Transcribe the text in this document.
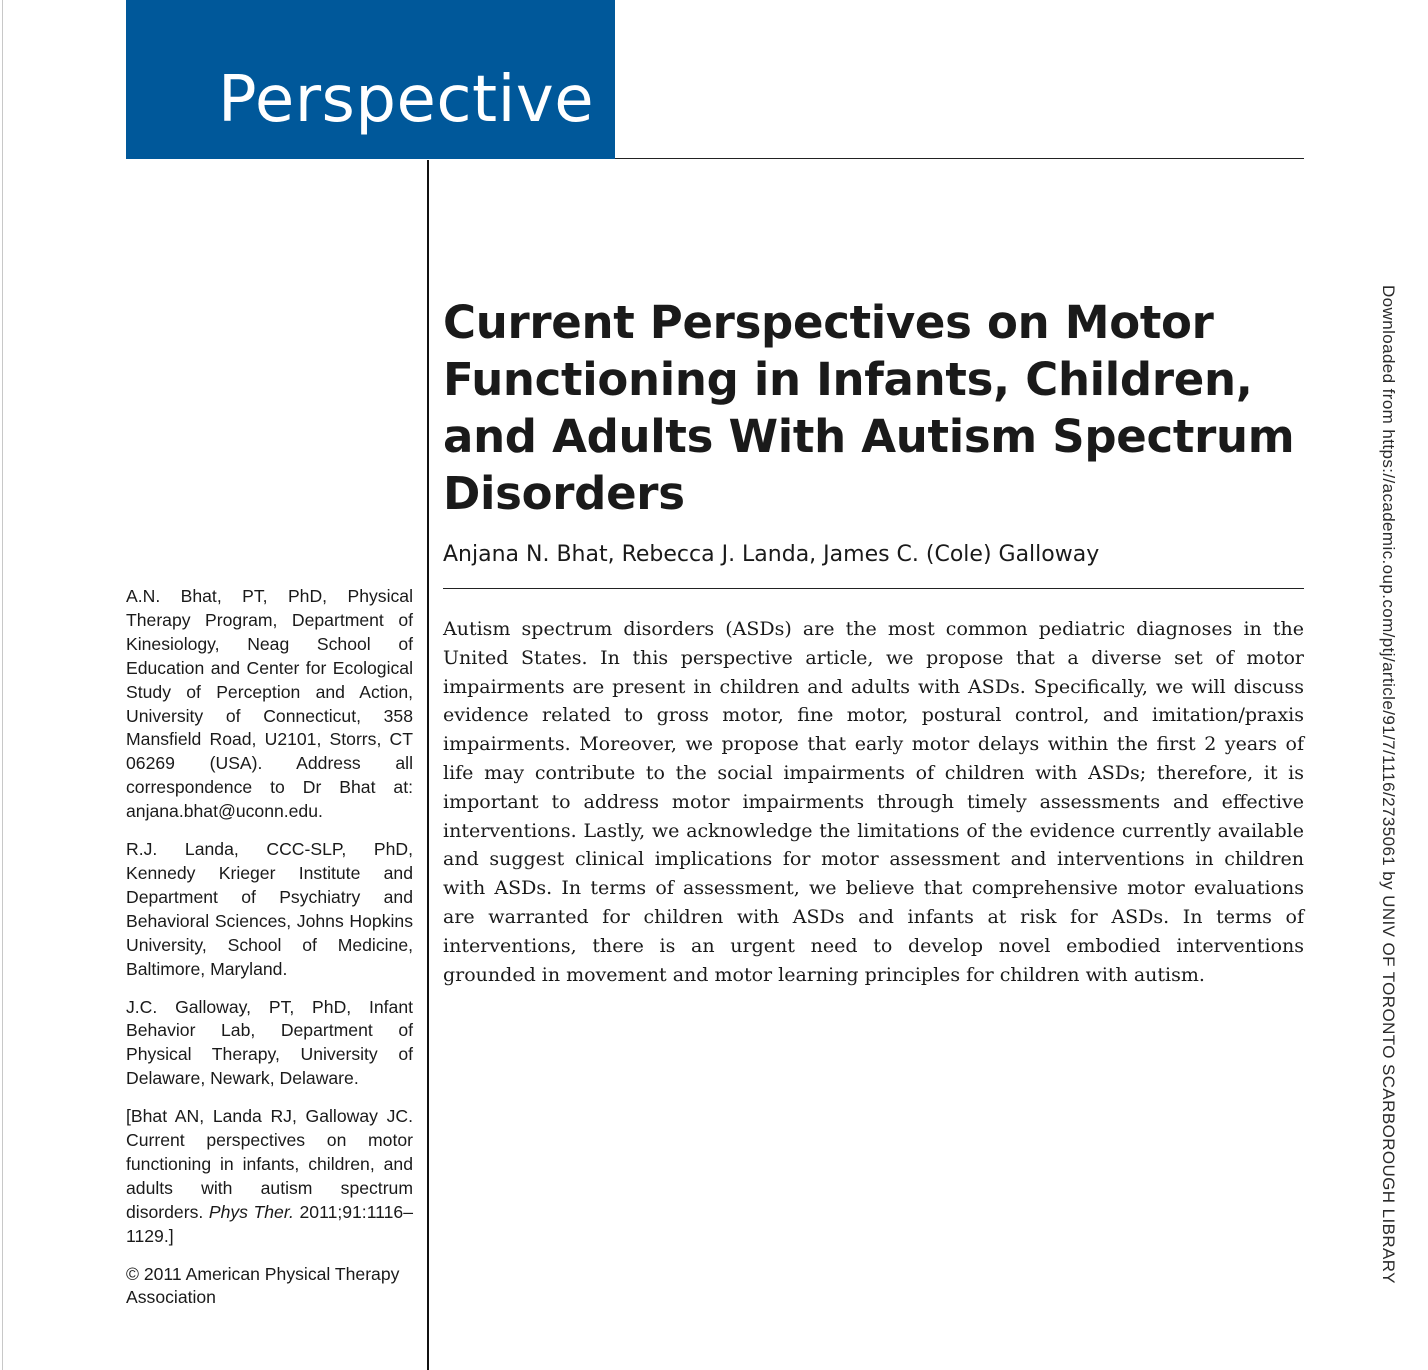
Perspective
Current Perspectives on Motor Functioning in Infants, Children, and Adults With Autism Spectrum Disorders
Anjana N. Bhat, Rebecca J. Landa, James C. (Cole) Galloway

Autism spectrum disorders (ASDs) are the most common pediatric diagnoses in the United States. In this perspective article, we propose that a diverse set of motor impairments are present in children and adults with ASDs. Specifically, we will discuss evidence related to gross motor, fine motor, postural control, and imitation/praxis impairments. Moreover, we propose that early motor delays within the first 2 years of life may contribute to the social impairments of children with ASDs; therefore, it is important to address motor impairments through timely assessments and effective interventions. Lastly, we acknowledge the limitations of the evidence currently available and suggest clinical implications for motor assessment and interventions in children with ASDs. In terms of assessment, we believe that comprehensive motor evaluations are warranted for children with ASDs and infants at risk for ASDs. In terms of interventions, there is an urgent need to develop novel embodied interventions grounded in movement and motor learning principles for children with autism.

A.N. Bhat, PT, PhD, Physical Therapy Program, Department of Kinesiology, Neag School of Education and Center for Ecological Study of Perception and Action, University of Connecticut, 358 Mansfield Road, U2101, Storrs, CT 06269 (USA). Address all correspondence to Dr Bhat at: anjana.bhat@uconn.edu.

R.J. Landa, CCC-SLP, PhD, Kennedy Krieger Institute and Department of Psychiatry and Behavioral Sciences, Johns Hopkins University, School of Medicine, Baltimore, Maryland.

J.C. Galloway, PT, PhD, Infant Behavior Lab, Department of Physical Therapy, University of Delaware, Newark, Delaware.

[Bhat AN, Landa RJ, Galloway JC. Current perspectives on motor functioning in infants, children, and adults with autism spectrum disorders. Phys Ther. 2011;91:1116–1129.]

© 2011 American Physical Therapy Association

Downloaded from https://academic.oup.com/ptj/article/91/7/1116/2735061 by UNIV OF TORONTO SCARBOROUGH LIBRARY
